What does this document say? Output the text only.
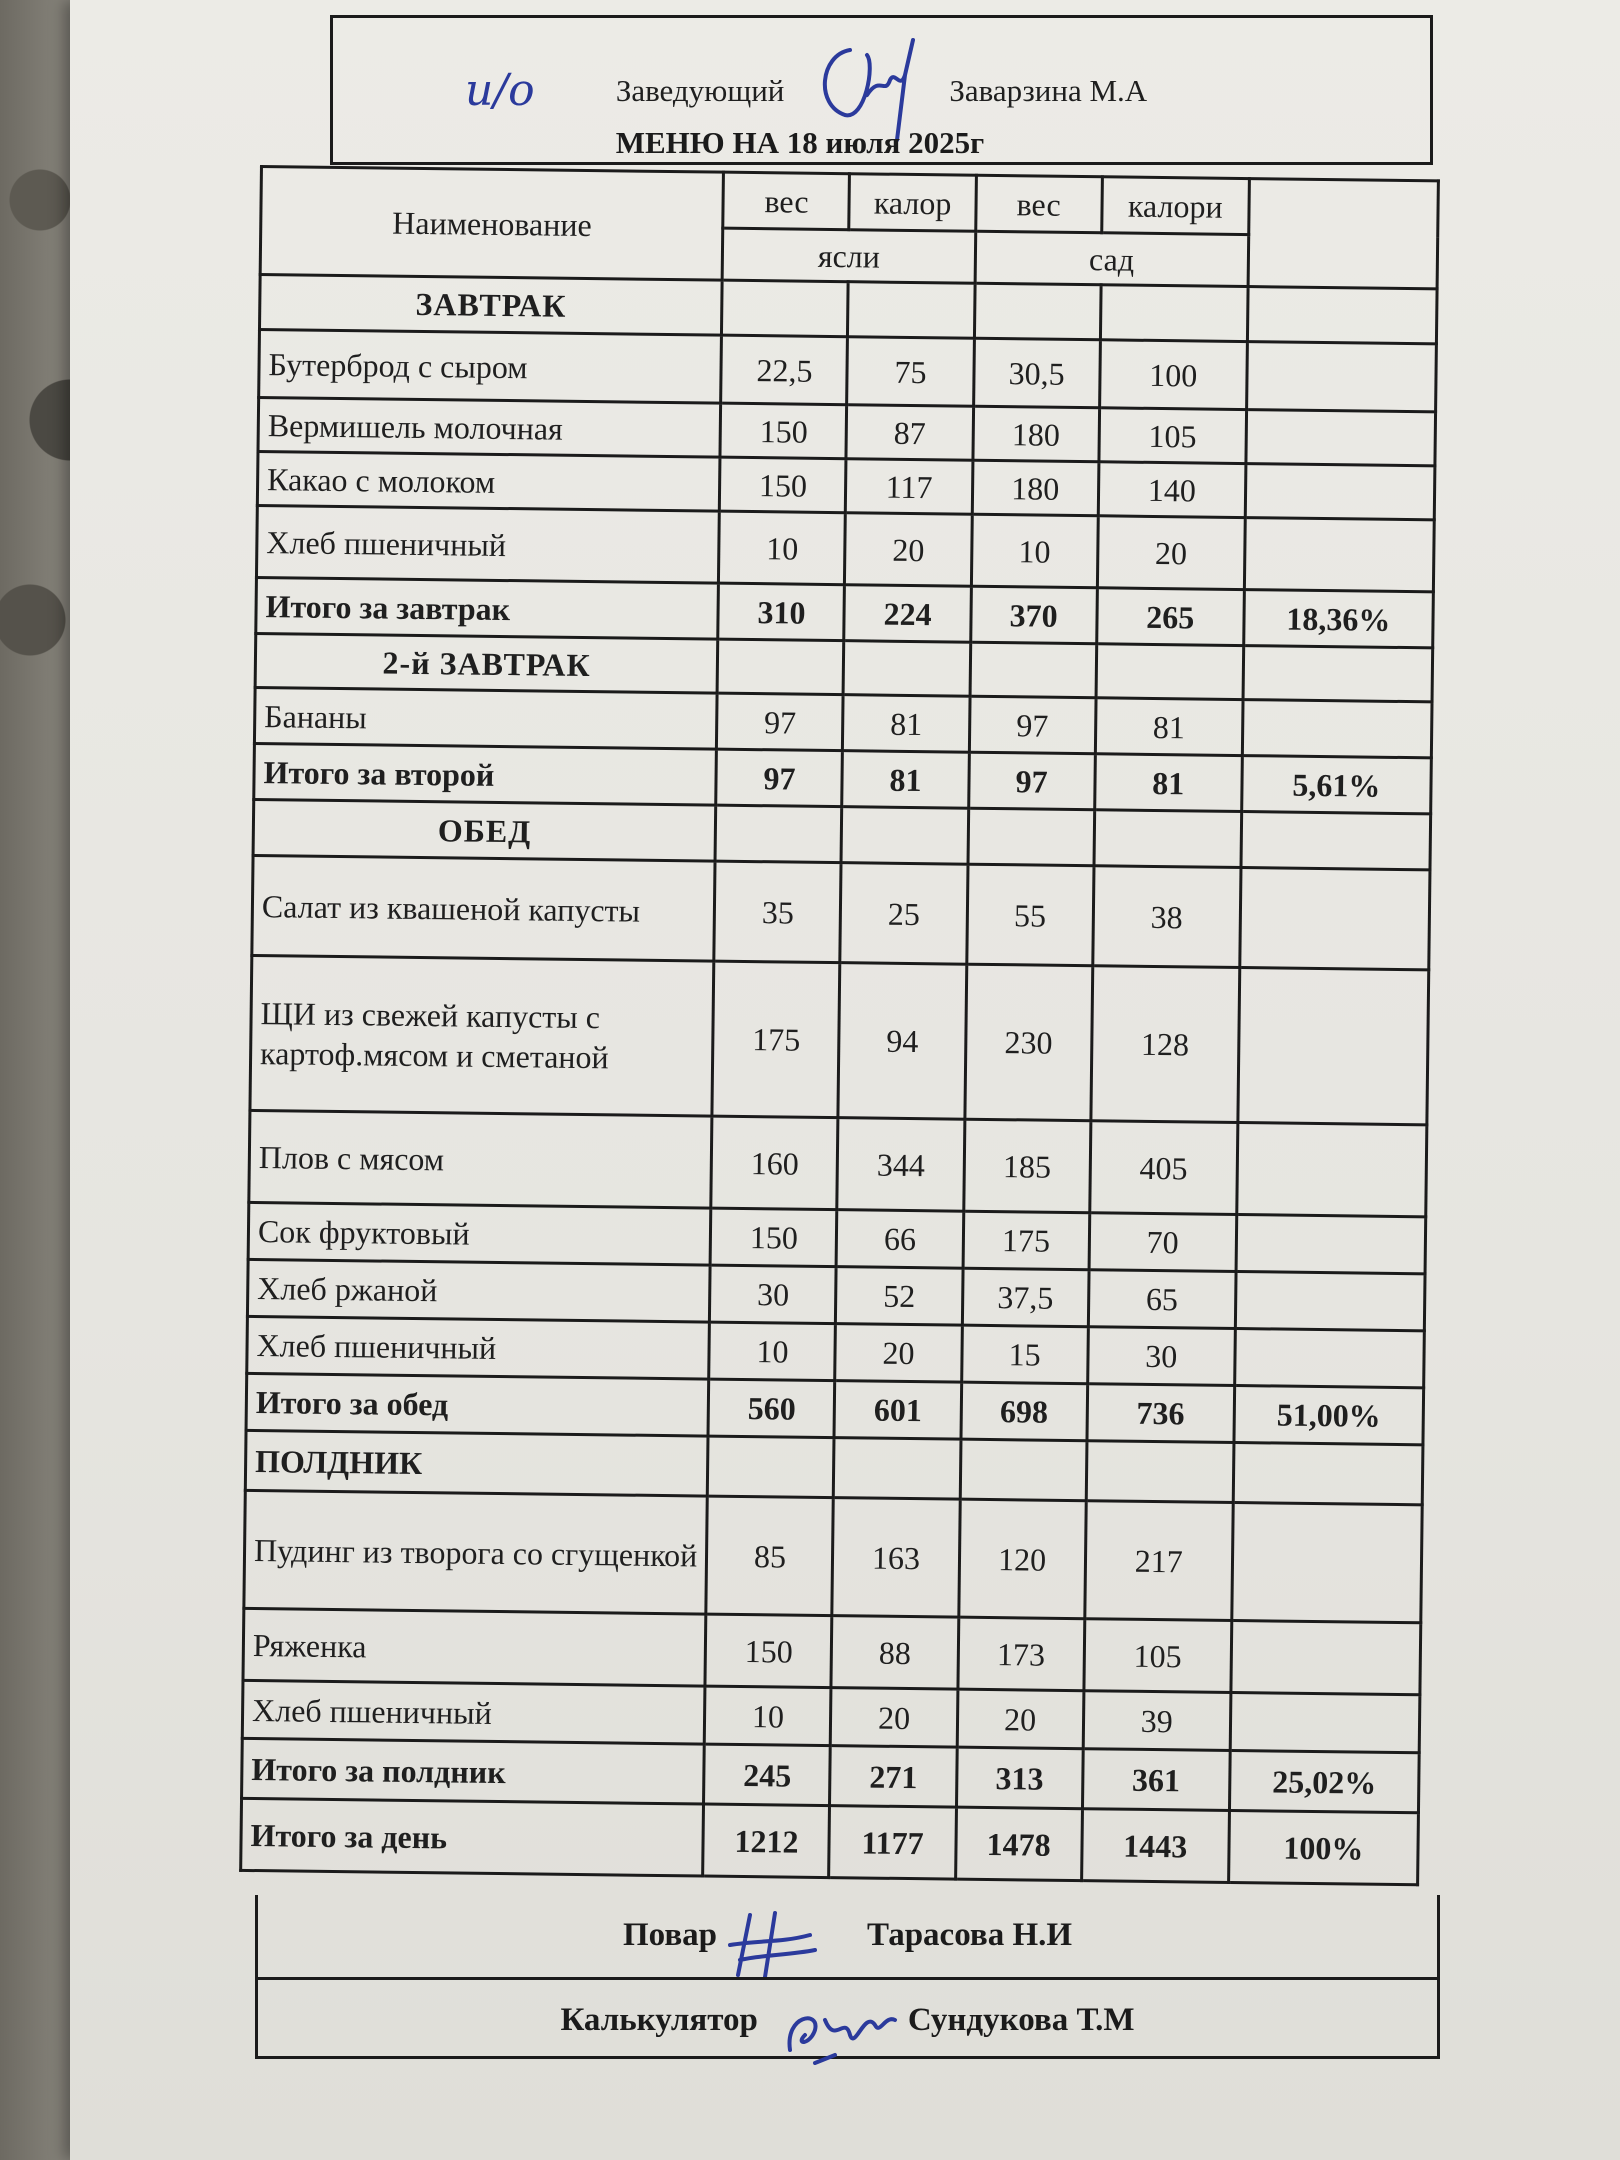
Заведующий	Заварзина М.А
и/о
МЕНЮ НА 18 июля 2025г
Наименование	вес	калор	вес	калори	
	ясли		сад		
ЗАВТРАК					
Бутерброд с сыром	22,5	75	30,5	100	
Вермишель молочная	150	87	180	105	
Какао с молоком	150	117	180	140	
Хлеб пшеничный	10	20	10	20	
Итого за завтрак	310	224	370	265	18,36%
2-й ЗАВТРАК					
Бананы	97	81	97	81	
Итого за второй	97	81	97	81	5,61%
ОБЕД					
Салат из квашеной капусты	35	25	55	38	
ЩИ из свежей капусты с картоф.мясом и сметаной	175	94	230	128	
Плов с мясом	160	344	185	405	
Сок фруктовый	150	66	175	70	
Хлеб ржаной	30	52	37,5	65	
Хлеб пшеничный	10	20	15	30	
Итого за обед	560	601	698	736	51,00%
ПОЛДНИК					
Пудинг из творога со сгущенкой	85	163	120	217	
Ряженка	150	88	173	105	
Хлеб пшеничный	10	20	20	39	
Итого за полдник	245	271	313	361	25,02%
Итого за день	1212	1177	1478	1443	100%
Повар	Тарасова Н.И
Калькулятор	Сундукова Т.М
